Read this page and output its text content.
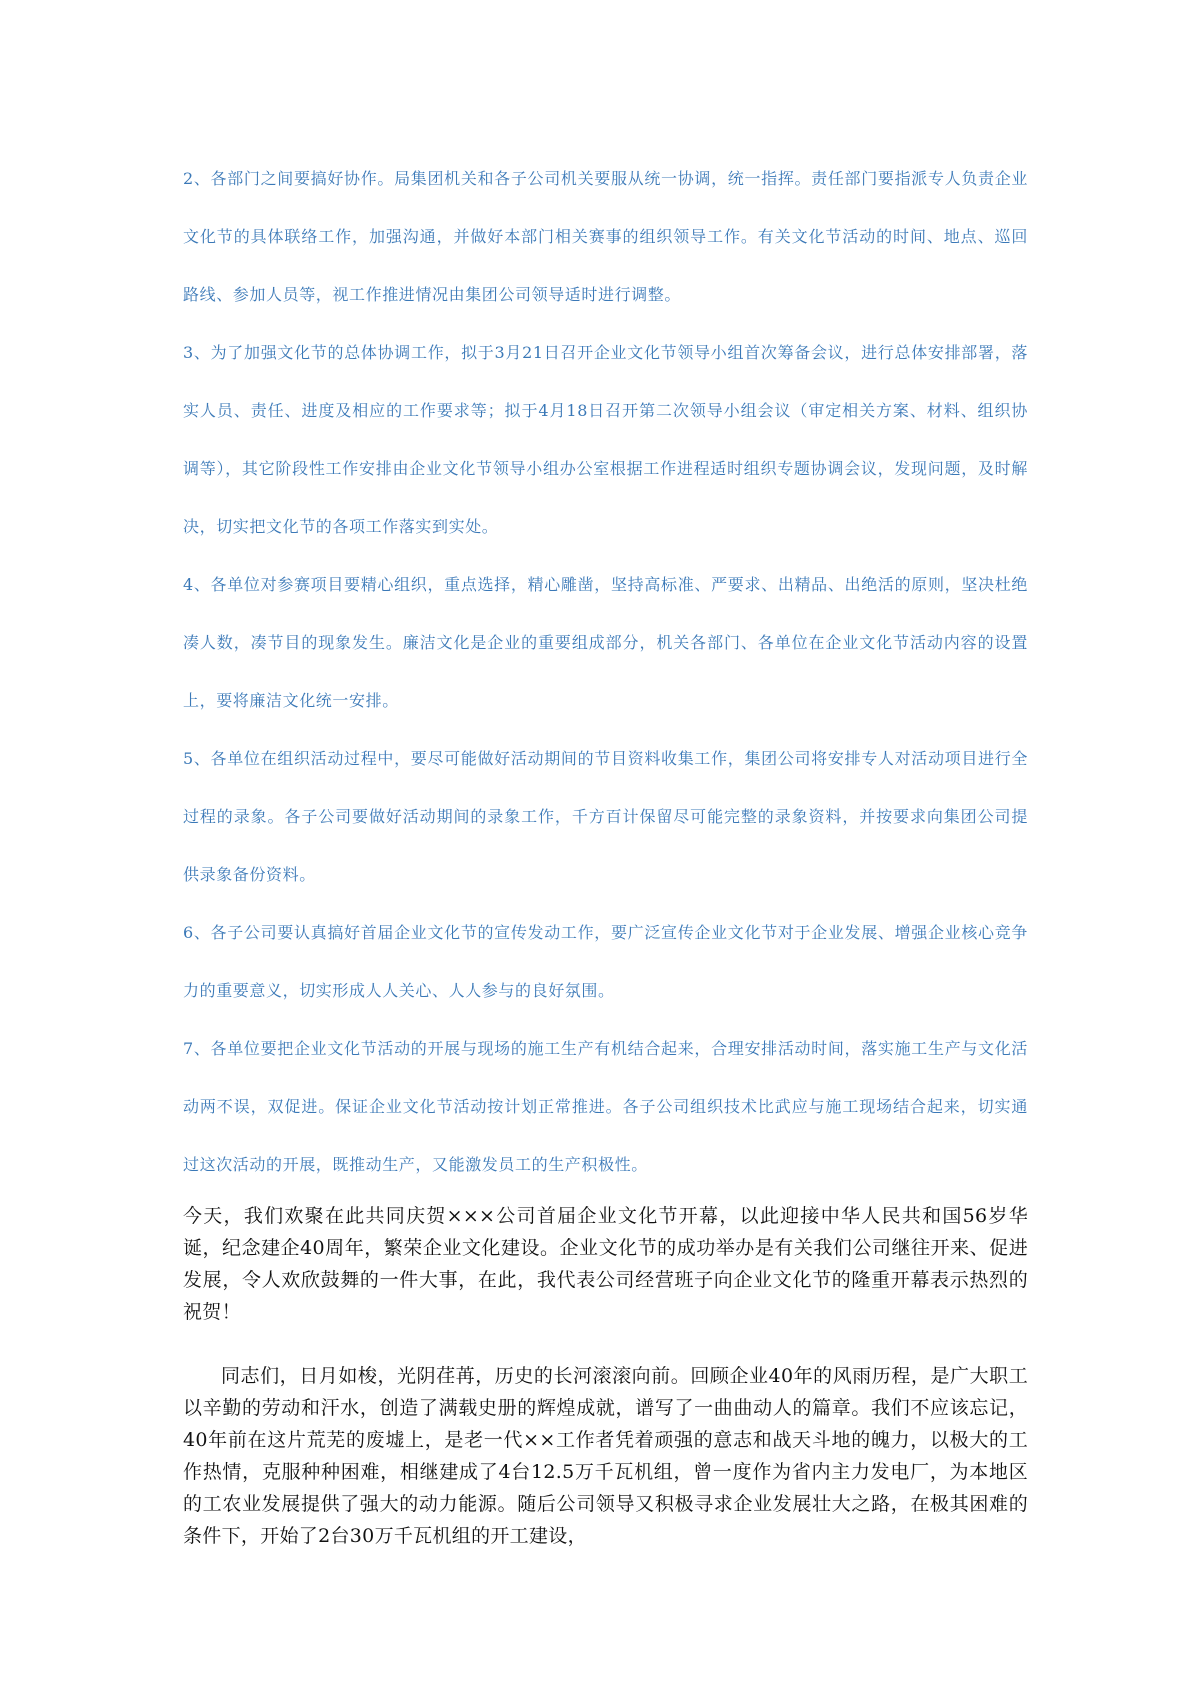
2、各部门之间要搞好协作。局集团机关和各子公司机关要服从统一协调，统一指挥。责任部门要指派专人负责企业文化节的具体联络工作，加强沟通，并做好本部门相关赛事的组织领导工作。有关文化节活动的时间、地点、巡回路线、参加人员等，视工作推进情况由集团公司领导适时进行调整。

3、为了加强文化节的总体协调工作，拟于3月21日召开企业文化节领导小组首次筹备会议，进行总体安排部署，落实人员、责任、进度及相应的工作要求等；拟于4月18日召开第二次领导小组会议（审定相关方案、材料、组织协调等），其它阶段性工作安排由企业文化节领导小组办公室根据工作进程适时组织专题协调会议，发现问题，及时解决，切实把文化节的各项工作落实到实处。

4、各单位对参赛项目要精心组织，重点选择，精心雕凿，坚持高标准、严要求、出精品、出绝活的原则，坚决杜绝凑人数，凑节目的现象发生。廉洁文化是企业的重要组成部分，机关各部门、各单位在企业文化节活动内容的设置上，要将廉洁文化统一安排。

5、各单位在组织活动过程中，要尽可能做好活动期间的节目资料收集工作，集团公司将安排专人对活动项目进行全过程的录象。各子公司要做好活动期间的录象工作，千方百计保留尽可能完整的录象资料，并按要求向集团公司提供录象备份资料。

6、各子公司要认真搞好首届企业文化节的宣传发动工作，要广泛宣传企业文化节对于企业发展、增强企业核心竞争力的重要意义，切实形成人人关心、人人参与的良好氛围。

7、各单位要把企业文化节活动的开展与现场的施工生产有机结合起来，合理安排活动时间，落实施工生产与文化活动两不误，双促进。保证企业文化节活动按计划正常推进。各子公司组织技术比武应与施工现场结合起来，切实通过这次活动的开展，既推动生产，又能激发员工的生产积极性。

今天，我们欢聚在此共同庆贺×××公司首届企业文化节开幕，以此迎接中华人民共和国56岁华诞，纪念建企40周年，繁荣企业文化建设。企业文化节的成功举办是有关我们公司继往开来、促进发展，令人欢欣鼓舞的一件大事，在此，我代表公司经营班子向企业文化节的隆重开幕表示热烈的祝贺！

同志们，日月如梭，光阴荏苒，历史的长河滚滚向前。回顾企业40年的风雨历程，是广大职工以辛勤的劳动和汗水，创造了满载史册的辉煌成就，谱写了一曲曲动人的篇章。我们不应该忘记，40年前在这片荒芜的废墟上，是老一代××工作者凭着顽强的意志和战天斗地的魄力，以极大的工作热情，克服种种困难，相继建成了4台12.5万千瓦机组，曾一度作为省内主力发电厂，为本地区的工农业发展提供了强大的动力能源。随后公司领导又积极寻求企业发展壮大之路，在极其困难的条件下，开始了2台30万千瓦机组的开工建设，
